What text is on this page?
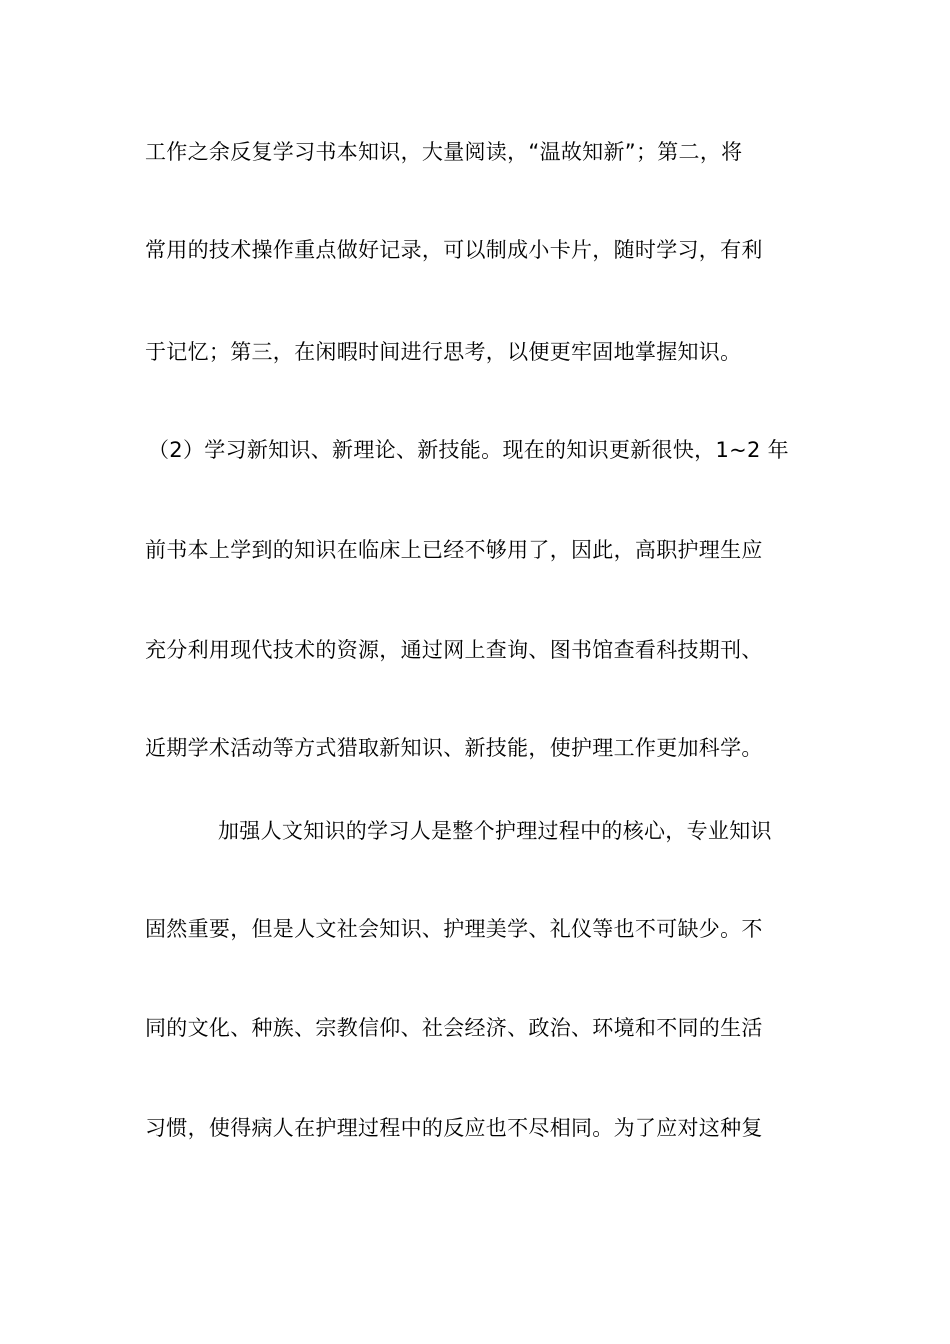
工作之余反复学习书本知识，大量阅读，“温故知新”；第二，将
常用的技术操作重点做好记录，可以制成小卡片，随时学习，有利
于记忆；第三，在闲暇时间进行思考，以便更牢固地掌握知识。
（2）学习新知识、新理论、新技能。现在的知识更新很快，1~2 年
前书本上学到的知识在临床上已经不够用了，因此，高职护理生应
充分利用现代技术的资源，通过网上查询、图书馆查看科技期刊、
近期学术活动等方式猎取新知识、新技能，使护理工作更加科学。
加强人文知识的学习人是整个护理过程中的核心，专业知识
固然重要，但是人文社会知识、护理美学、礼仪等也不可缺少。不
同的文化、种族、宗教信仰、社会经济、政治、环境和不同的生活
习惯，使得病人在护理过程中的反应也不尽相同。为了应对这种复
